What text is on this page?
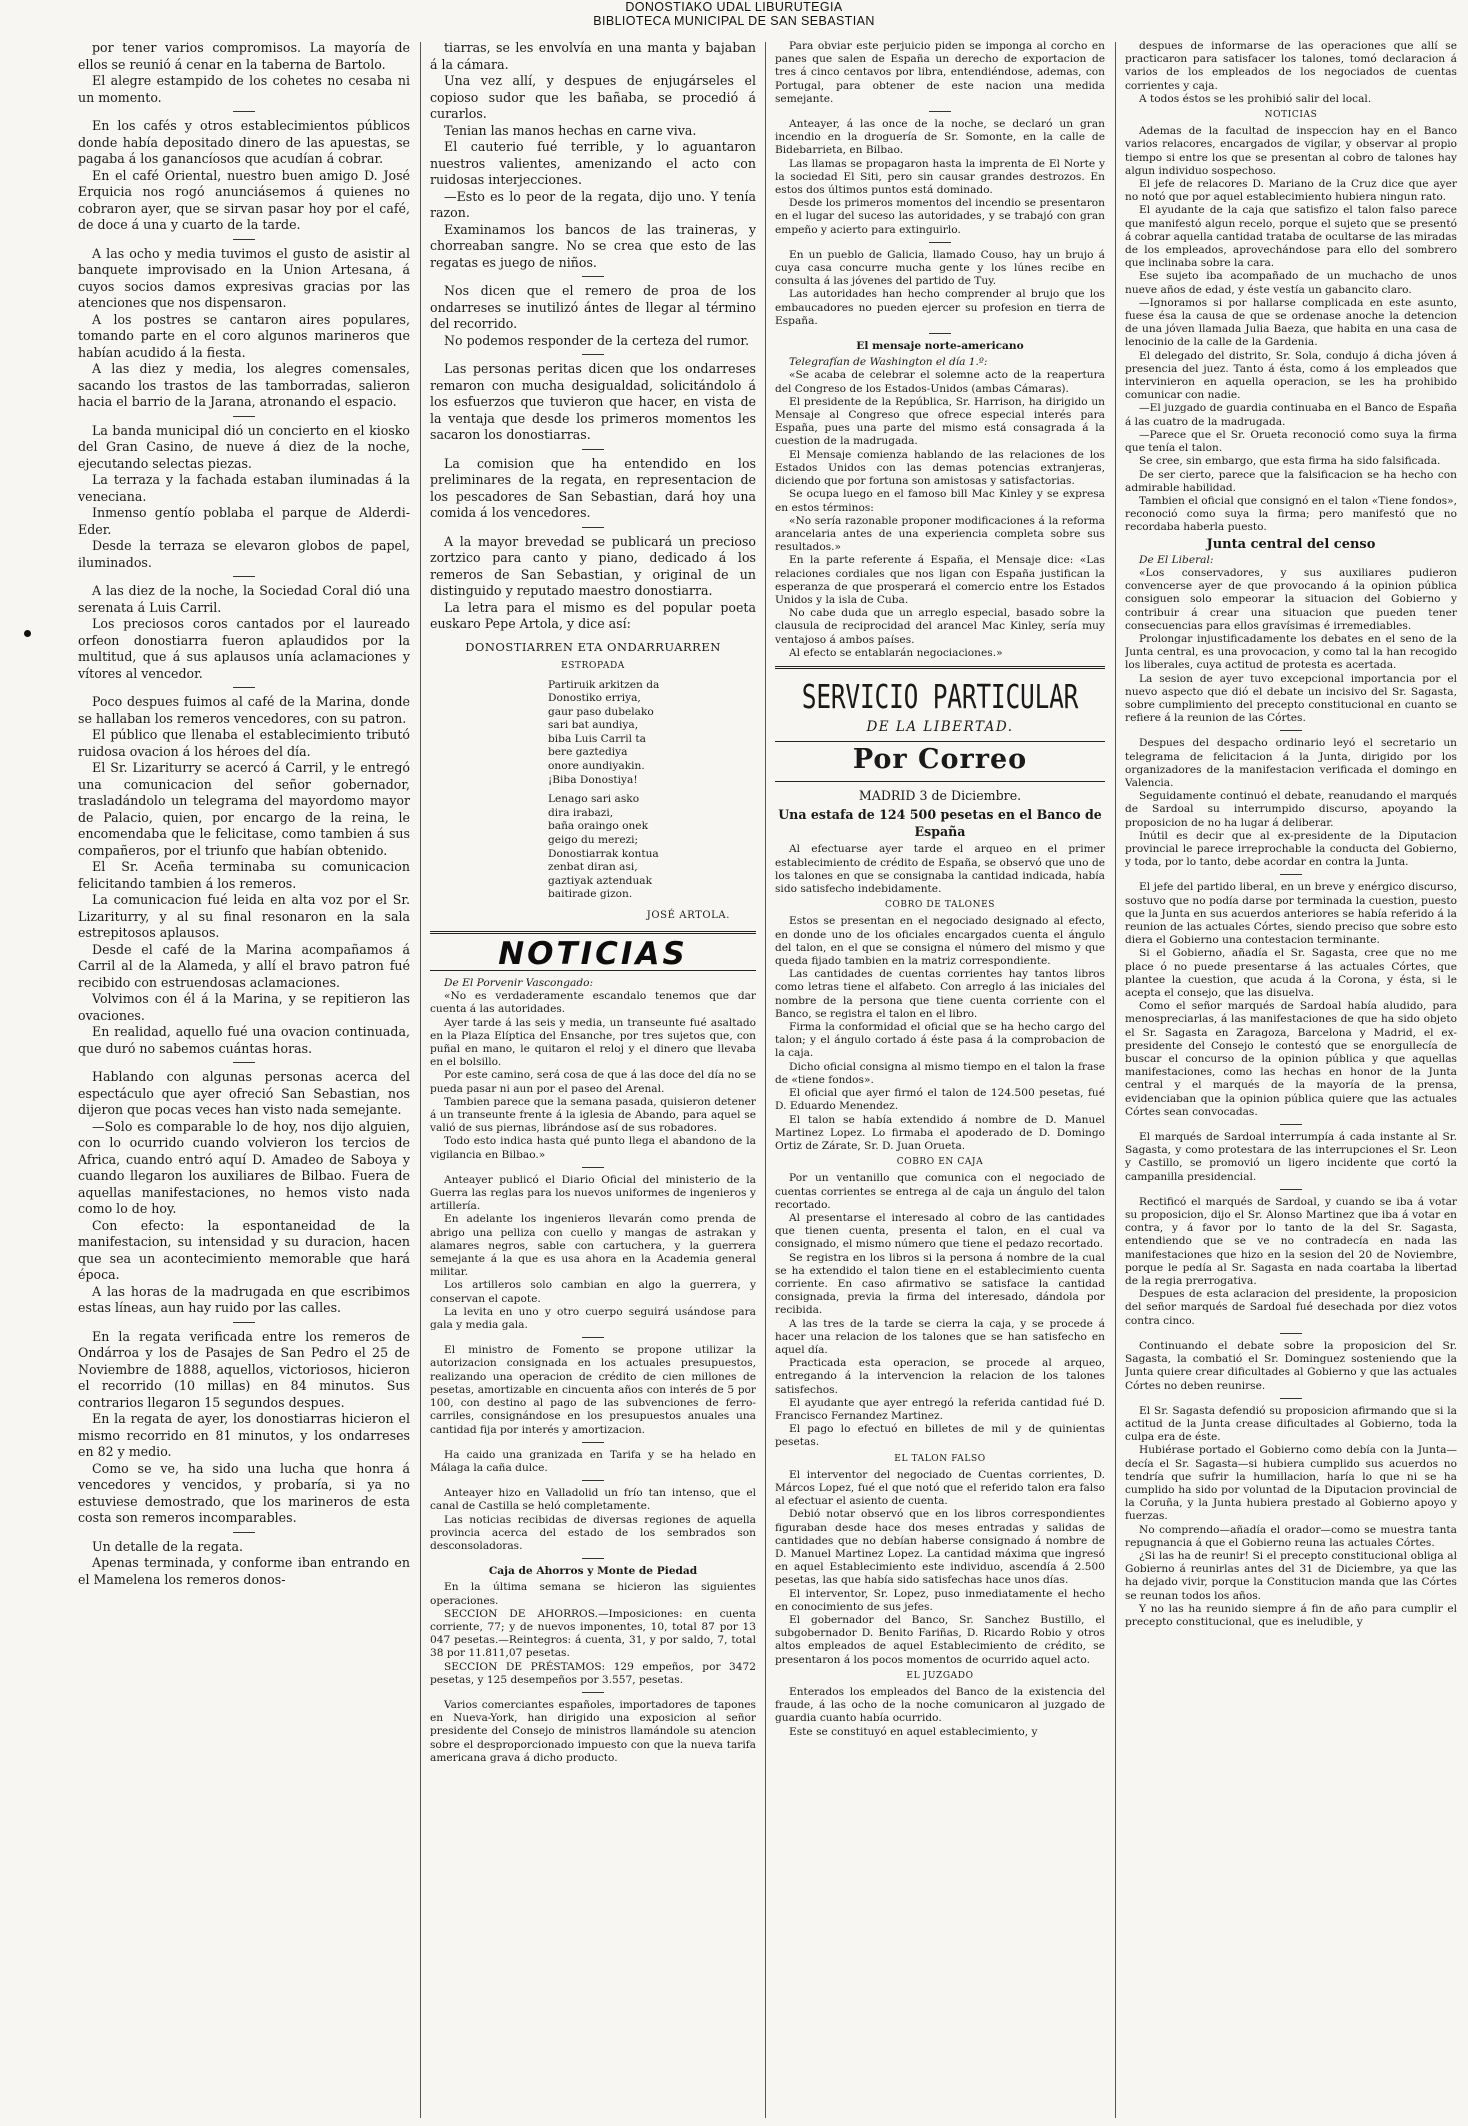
DONOSTIAKO UDAL LIBURUTEGIA
BIBLIOTECA MUNICIPAL DE SAN SEBASTIAN

por tener varios compromisos. La mayoría de ellos se reunió á cenar en la taberna de Bartolo.

El alegre estampido de los cohetes no cesaba ni un momento.

En los cafés y otros establecimientos públicos donde había depositado dinero de las apuestas, se pagaba á los ganancíosos que acudían á cobrar.

En el café Oriental, nuestro buen amigo D. José Erquicia nos rogó anunciásemos á quienes no cobraron ayer, que se sirvan pasar hoy por el café, de doce á una y cuarto de la tarde.

A las ocho y media tuvimos el gusto de asistir al banquete improvisado en la Union Artesana, á cuyos socios damos expresivas gracias por las atenciones que nos dispensaron.

A los postres se cantaron aires populares, tomando parte en el coro algunos marineros que habían acudido á la fiesta.

A las diez y media, los alegres comensales, sacando los trastos de las tamborradas, salieron hacia el barrio de la Jarana, atronando el espacio.

La banda municipal dió un concierto en el kiosko del Gran Casino, de nueve á diez de la noche, ejecutando selectas piezas.

La terraza y la fachada estaban iluminadas á la veneciana.

Inmenso gentío poblaba el parque de Alderdi-Eder.

Desde la terraza se elevaron globos de papel, iluminados.

A las diez de la noche, la Sociedad Coral dió una serenata á Luis Carril.

Los preciosos coros cantados por el laureado orfeon donostiarra fueron aplaudidos por la multitud, que á sus aplausos unía aclamaciones y vítores al vencedor.

Poco despues fuimos al café de la Marina, donde se hallaban los remeros vencedores, con su patron.

El público que llenaba el establecimiento tributó ruidosa ovacion á los héroes del día.

El Sr. Lizariturry se acercó á Carril, y le entregó una comunicacion del señor gobernador, trasladándolo un telegrama del mayordomo mayor de Palacio, quien, por encargo de la reina, le encomendaba que le felicitase, como tambien á sus compañeros, por el triunfo que habían obtenido.

El Sr. Aceña terminaba su comunicacion felicitando tambien á los remeros.

La comunicacion fué leida en alta voz por el Sr. Lizariturry, y al su final resonaron en la sala estrepitosos aplausos.

Desde el café de la Marina acompañamos á Carril al de la Alameda, y allí el bravo patron fué recibido con estruendosas aclamaciones.

Volvimos con él á la Marina, y se repitieron las ovaciones.

En realidad, aquello fué una ovacion continuada, que duró no sabemos cuántas horas.

Hablando con algunas personas acerca del espectáculo que ayer ofreció San Sebastian, nos dijeron que pocas veces han visto nada semejante.

—Solo es comparable lo de hoy, nos dijo alguien, con lo ocurrido cuando volvieron los tercios de Africa, cuando entró aquí D. Amadeo de Saboya y cuando llegaron los auxiliares de Bilbao. Fuera de aquellas manifestaciones, no hemos visto nada como lo de hoy.

Con efecto: la espontaneidad de la manifestacion, su intensidad y su duracion, hacen que sea un acontecimiento memorable que hará época.

A las horas de la madrugada en que escribimos estas líneas, aun hay ruido por las calles.

En la regata verificada entre los remeros de Ondárroa y los de Pasajes de San Pedro el 25 de Noviembre de 1888, aquellos, victoriosos, hicieron el recorrido (10 millas) en 84 minutos. Sus contrarios llegaron 15 segundos despues.

En la regata de ayer, los donostiarras hicieron el mismo recorrido en 81 minutos, y los ondarreses en 82 y medio.

Como se ve, ha sido una lucha que honra á vencedores y vencidos, y probaría, si ya no estuviese demostrado, que los marineros de esta costa son remeros incomparables.

Un detalle de la regata.

Apenas terminada, y conforme iban entrando en el Mamelena los remeros donos-

tiarras, se les envolvía en una manta y bajaban á la cámara.

Una vez allí, y despues de enjugárseles el copioso sudor que les bañaba, se procedió á curarlos.

Tenian las manos hechas en carne viva.

El cauterio fué terrible, y lo aguantaron nuestros valientes, amenizando el acto con ruidosas interjecciones.

—Esto es lo peor de la regata, dijo uno. Y tenía razon.

Examinamos los bancos de las traineras, y chorreaban sangre. No se crea que esto de las regatas es juego de niños.

Nos dicen que el remero de proa de los ondarreses se inutilizó ántes de llegar al término del recorrido.

No podemos responder de la certeza del rumor.

Las personas peritas dicen que los ondarreses remaron con mucha desigualdad, solicitándolo á los esfuerzos que tuvieron que hacer, en vista de la ventaja que desde los primeros momentos les sacaron los donostiarras.

La comision que ha entendido en los preliminares de la regata, en representacion de los pescadores de San Sebastian, dará hoy una comida á los vencedores.

A la mayor brevedad se publicará un precioso zortzico para canto y piano, dedicado á los remeros de San Sebastian, y original de un distinguido y reputado maestro donostiarra.

La letra para el mismo es del popular poeta euskaro Pepe Artola, y dice así:

DONOSTIARREN ETA ONDARRUARREN
ESTROPADA
Partiruik arkitzen da
Donostiko erriya,
gaur paso dubelako
sari bat aundiya,
biba Luis Carril ta
bere gaztediya
onore aundiyakin.
¡Biba Donostiya!
Lenago sari asko
dira irabazi,
baña oraingo onek
geigo du merezi;
Donostiarrak kontua
zenbat diran asi,
gaztiyak aztenduak
baitirade gizon.
JOSÉ ARTOLA.
NOTICIAS

De El Porvenir Vascongado:

«No es verdaderamente escandalo tenemos que dar cuenta á las autoridades.

Ayer tarde á las seis y media, un transeunte fué asaltado en la Plaza Elíptica del Ensanche, por tres sujetos que, con puñal en mano, le quitaron el reloj y el dinero que llevaba en el bolsillo.

Por este camino, será cosa de que á las doce del día no se pueda pasar ni aun por el paseo del Arenal.

Tambien parece que la semana pasada, quisieron detener á un transeunte frente á la iglesia de Abando, para aquel se valió de sus piernas, librándose así de sus robadores.

Todo esto indica hasta qué punto llega el abandono de la vigilancia en Bilbao.»

Anteayer publicó el Diario Oficial del ministerio de la Guerra las reglas para los nuevos uniformes de ingenieros y artillería.

En adelante los ingenieros llevarán como prenda de abrigo una pelliza con cuello y mangas de astrakan y alamares negros, sable con cartuchera, y la guerrera semejante á la que es usa ahora en la Academia general militar.

Los artilleros solo cambian en algo la guerrera, y conservan el capote.

La levita en uno y otro cuerpo seguirá usándose para gala y media gala.

El ministro de Fomento se propone utilizar la autorizacion consignada en los actuales presupuestos, realizando una operacion de crédito de cien millones de pesetas, amortizable en cincuenta años con interés de 5 por 100, con destino al pago de las subvenciones de ferro-carriles, consignándose en los presupuestos anuales una cantidad fija por interés y amortizacion.

Ha caido una granizada en Tarifa y se ha helado en Málaga la caña dulce.

Anteayer hizo en Valladolid un frío tan intenso, que el canal de Castilla se heló completamente.

Las noticias recibidas de diversas regiones de aquella provincia acerca del estado de los sembrados son desconsoladoras.

Caja de Ahorros y Monte de Piedad

En la última semana se hicieron las siguientes operaciones.

SECCION DE AHORROS.—Imposiciones: en cuenta corriente, 77; y de nuevos imponentes, 10, total 87 por 13 047 pesetas.—Reintegros: á cuenta, 31, y por saldo, 7, total 38 por 11.811,07 pesetas.

SECCION DE PRÉSTAMOS: 129 empeños, por 3472 pesetas, y 125 desempeños por 3.557, pesetas.

Varios comerciantes españoles, importadores de tapones en Nueva-York, han dirigido una exposicion al señor presidente del Consejo de ministros llamándole su atencion sobre el desproporcionado impuesto con que la nueva tarifa americana grava á dicho producto.

Para obviar este perjuicio piden se imponga al corcho en panes que salen de España un derecho de exportacion de tres á cinco centavos por libra, entendiéndose, ademas, con Portugal, para obtener de este nacion una medida semejante.

Anteayer, á las once de la noche, se declaró un gran incendio en la droguería de Sr. Somonte, en la calle de Bidebarrieta, en Bilbao.

Las llamas se propagaron hasta la imprenta de El Norte y la sociedad El Siti, pero sin causar grandes destrozos. En estos dos últimos puntos está dominado.

Desde los primeros momentos del incendio se presentaron en el lugar del suceso las autoridades, y se trabajó con gran empeño y acierto para extinguirlo.

En un pueblo de Galicia, llamado Couso, hay un brujo á cuya casa concurre mucha gente y los lúnes recibe en consulta á las jóvenes del partido de Tuy.

Las autoridades han hecho comprender al brujo que los embaucadores no pueden ejercer su profesion en tierra de España.

El mensaje norte-americano

Telegrafían de Washington el día 1.º:

«Se acaba de celebrar el solemne acto de la reapertura del Congreso de los Estados-Unidos (ambas Cámaras).

El presidente de la República, Sr. Harrison, ha dirigido un Mensaje al Congreso que ofrece especial interés para España, pues una parte del mismo está consagrada á la cuestion de la madrugada.

El Mensaje comienza hablando de las relaciones de los Estados Unidos con las demas potencias extranjeras, diciendo que por fortuna son amistosas y satisfactorias.

Se ocupa luego en el famoso bill Mac Kinley y se expresa en estos términos:

«No sería razonable proponer modificaciones á la reforma arancelaria antes de una experiencia completa sobre sus resultados.»

En la parte referente á España, el Mensaje dice: «Las relaciones cordiales que nos ligan con España justifican la esperanza de que prosperará el comercio entre los Estados Unidos y la isla de Cuba.

No cabe duda que un arreglo especial, basado sobre la clausula de reciprocidad del arancel Mac Kinley, sería muy ventajoso á ambos países.

Al efecto se entablarán negociaciones.»

SERVICIO PARTICULAR
DE LA LIBERTAD.
Por Correo
MADRID 3 de Diciembre.
Una estafa de 124 500 pesetas en el Banco de España

Al efectuarse ayer tarde el arqueo en el primer establecimiento de crédito de España, se observó que uno de los talones en que se consignaba la cantidad indicada, había sido satisfecho indebidamente.

COBRO DE TALONES

Estos se presentan en el negociado designado al efecto, en donde uno de los oficiales encargados cuenta el ángulo del talon, en el que se consigna el número del mismo y que queda fijado tambien en la matriz correspondiente.

Las cantidades de cuentas corrientes hay tantos libros como letras tiene el alfabeto. Con arreglo á las iniciales del nombre de la persona que tiene cuenta corriente con el Banco, se registra el talon en el libro.

Firma la conformidad el oficial que se ha hecho cargo del talon; y el ángulo cortado á éste pasa á la comprobacion de la caja.

Dicho oficial consigna al mismo tiempo en el talon la frase de «tiene fondos».

El oficial que ayer firmó el talon de 124.500 pesetas, fué D. Eduardo Menendez.

El talon se había extendido á nombre de D. Manuel Martinez Lopez. Lo firmaba el apoderado de D. Domingo Ortiz de Zárate, Sr. D. Juan Orueta.

COBRO EN CAJA

Por un ventanillo que comunica con el negociado de cuentas corrientes se entrega al de caja un ángulo del talon recortado.

Al presentarse el interesado al cobro de las cantidades que tienen cuenta, presenta el talon, en el cual va consignado, el mismo número que tiene el pedazo recortado.

Se registra en los libros si la persona á nombre de la cual se ha extendido el talon tiene en el establecimiento cuenta corriente. En caso afirmativo se satisface la cantidad consignada, previa la firma del interesado, dándola por recibida.

A las tres de la tarde se cierra la caja, y se procede á hacer una relacion de los talones que se han satisfecho en aquel día.

Practicada esta operacion, se procede al arqueo, entregando á la intervencion la relacion de los talones satisfechos.

El ayudante que ayer entregó la referida cantidad fué D. Francisco Fernandez Martinez.

El pago lo efectuó en billetes de mil y de quinientas pesetas.

EL TALON FALSO

El interventor del negociado de Cuentas corrientes, D. Márcos Lopez, fué el que notó que el referido talon era falso al efectuar el asiento de cuenta.

Debió notar observó que en los libros correspondientes figuraban desde hace dos meses entradas y salidas de cantidades que no debían haberse consignado á nombre de D. Manuel Martinez Lopez. La cantidad máxima que ingresó en aquel Establecimiento este individuo, ascendía á 2.500 pesetas, las que había sido satisfechas hace unos días.

El interventor, Sr. Lopez, puso inmediatamente el hecho en conocimiento de sus jefes.

El gobernador del Banco, Sr. Sanchez Bustillo, el subgobernador D. Benito Fariñas, D. Ricardo Robio y otros altos empleados de aquel Establecimiento de crédito, se presentaron á los pocos momentos de ocurrido aquel acto.

EL JUZGADO

Enterados los empleados del Banco de la existencia del fraude, á las ocho de la noche comunicaron al juzgado de guardia cuanto había ocurrido.

Este se constituyó en aquel establecimiento, y

despues de informarse de las operaciones que allí se practicaron para satisfacer los talones, tomó declaracion á varios de los empleados de los negociados de cuentas corrientes y caja.

A todos éstos se les prohibió salir del local.

NOTICIAS

Ademas de la facultad de inspeccion hay en el Banco varios relacores, encargados de vigilar, y observar al propio tiempo si entre los que se presentan al cobro de talones hay algun individuo sospechoso.

El jefe de relacores D. Mariano de la Cruz dice que ayer no notó que por aquel establecimiento hubiera ningun rato.

El ayudante de la caja que satisfizo el talon falso parece que manifestó algun recelo, porque el sujeto que se presentó á cobrar aquella cantidad trataba de ocultarse de las miradas de los empleados, aprovechándose para ello del sombrero que inclinaba sobre la cara.

Ese sujeto iba acompañado de un muchacho de unos nueve años de edad, y éste vestía un gabancito claro.

—Ignoramos si por hallarse complicada en este asunto, fuese ésa la causa de que se ordenase anoche la detencion de una jóven llamada Julia Baeza, que habita en una casa de lenocinio de la calle de la Gardenia.

El delegado del distrito, Sr. Sola, condujo á dicha jóven á presencia del juez. Tanto á ésta, como á los empleados que intervinieron en aquella operacion, se les ha prohibido comunicar con nadie.

—El juzgado de guardia continuaba en el Banco de España á las cuatro de la madrugada.

—Parece que el Sr. Orueta reconoció como suya la firma que tenía el talon.

Se cree, sin embargo, que esta firma ha sido falsificada.

De ser cierto, parece que la falsificacion se ha hecho con admirable habilidad.

Tambien el oficial que consignó en el talon «Tiene fondos», reconoció como suya la firma; pero manifestó que no recordaba haberla puesto.

Junta central del censo

De El Liberal:

«Los conservadores, y sus auxiliares pudieron convencerse ayer de que provocando á la opinion pública consiguen solo empeorar la situacion del Gobierno y contribuir á crear una situacion que pueden tener consecuencias para ellos gravísimas é irremediables.

Prolongar injustificadamente los debates en el seno de la Junta central, es una provocacion, y como tal la han recogido los liberales, cuya actitud de protesta es acertada.

La sesion de ayer tuvo excepcional importancia por el nuevo aspecto que dió el debate un incisivo del Sr. Sagasta, sobre cumplimiento del precepto constitucional en cuanto se refiere á la reunion de las Córtes.

Despues del despacho ordinario leyó el secretario un telegrama de felicitacion á la Junta, dirigido por los organizadores de la manifestacion verificada el domingo en Valencia.

Seguidamente continuó el debate, reanudando el marqués de Sardoal su interrumpido discurso, apoyando la proposicion de no ha lugar á deliberar.

Inútil es decir que al ex-presidente de la Diputacion provincial le parece irreprochable la conducta del Gobierno, y toda, por lo tanto, debe acordar en contra la Junta.

El jefe del partido liberal, en un breve y enérgico discurso, sostuvo que no podía darse por terminada la cuestion, puesto que la Junta en sus acuerdos anteriores se había referido á la reunion de las actuales Córtes, siendo preciso que sobre esto diera el Gobierno una contestacion terminante.

Si el Gobierno, añadía el Sr. Sagasta, cree que no me place ó no puede presentarse á las actuales Córtes, que plantee la cuestion, que acuda á la Corona, y ésta, si le acepta el consejo, que las disuelva.

Como el señor marqués de Sardoal había aludido, para menospreciarlas, á las manifestaciones de que ha sido objeto el Sr. Sagasta en Zaragoza, Barcelona y Madrid, el ex-presidente del Consejo le contestó que se enorgullecía de buscar el concurso de la opinion pública y que aquellas manifestaciones, como las hechas en honor de la Junta central y el marqués de la mayoría de la prensa, evidenciaban que la opinion pública quiere que las actuales Córtes sean convocadas.

El marqués de Sardoal interrumpía á cada instante al Sr. Sagasta, y como protestara de las interrupciones el Sr. Leon y Castillo, se promovió un ligero incidente que cortó la campanilla presidencial.

Rectificó el marqués de Sardoal, y cuando se iba á votar su proposicion, dijo el Sr. Alonso Martinez que iba á votar en contra, y á favor por lo tanto de la del Sr. Sagasta, entendiendo que se ve no contradecía en nada las manifestaciones que hizo en la sesion del 20 de Noviembre, porque le pedía al Sr. Sagasta en nada coartaba la libertad de la regia prerrogativa.

Despues de esta aclaracion del presidente, la proposicion del señor marqués de Sardoal fué desechada por diez votos contra cinco.

Continuando el debate sobre la proposicion del Sr. Sagasta, la combatió el Sr. Dominguez sosteniendo que la Junta quiere crear dificultades al Gobierno y que las actuales Córtes no deben reunirse.

El Sr. Sagasta defendió su proposicion afirmando que si la actitud de la Junta crease dificultades al Gobierno, toda la culpa era de éste.

Hubiérase portado el Gobierno como debía con la Junta—decía el Sr. Sagasta—si hubiera cumplido sus acuerdos no tendría que sufrir la humillacion, haría lo que ni se ha cumplido ha sido por voluntad de la Diputacion provincial de la Coruña, y la Junta hubiera prestado al Gobierno apoyo y fuerzas.

No comprendo—añadía el orador—como se muestra tanta repugnancia á que el Gobierno reuna las actuales Córtes.

¿Si las ha de reunir! Si el precepto constitucional obliga al Gobierno á reunirlas antes del 31 de Diciembre, ya que las ha dejado vivir, porque la Constitucion manda que las Córtes se reunan todos los años.

Y no las ha reunido siempre á fin de año para cumplir el precepto constitucional, que es ineludible, y
